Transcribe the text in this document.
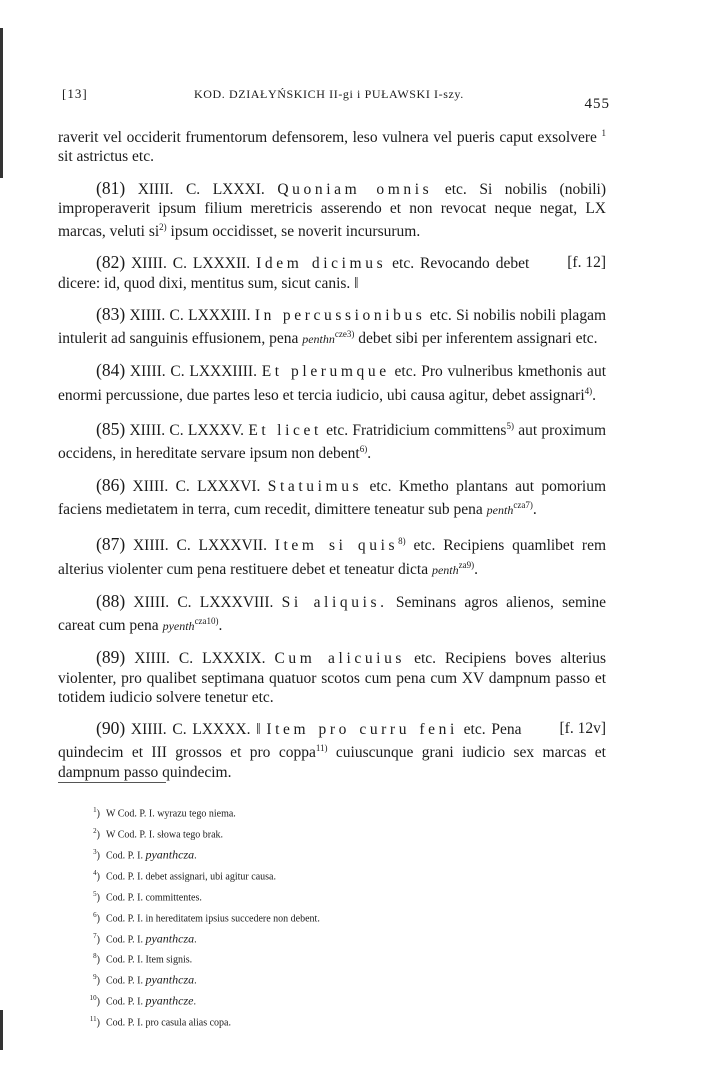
[13]	KOD. DZIAŁYŃSKICH II-gi i PUŁAWSKI I-szy.
455

raverit vel occiderit frumentorum defensorem, leso vulnera vel pueris caput exsolvere $^1$ sit astrictus etc.

(81) XIIII. C. LXXXI. Quoniam omnis etc. Si nobilis (nobili) improperaverit ipsum filium meretricis asserendo et non revocat neque negat, LX marcas, veluti $si^{2)}$ ipsum occidisset, se noverit incursurum.

[f. 12]
(82) XIIII. C. LXXXII. Idem dicimus etc. Revocando debet dicere: id, quod dixi, mentitus sum, sicut canis. ‖

(83) XIIII. C. LXXXIII. In percussionibus etc. Si nobilis nobili plagam intulerit ad sanguinis effusionem, pena penthn$^{cze3)}$ debet sibi per inferentem assignari etc.

(84) XIIII. C. LXXXIIII. Et plerumque etc. Pro vulneribus kmethonis aut enormi percussione, due partes leso et tercia iudicio, ubi causa agitur, debet assignari$^{4)}$.

(85) XIIII. C. LXXXV. Et licet etc. Fratridicium committens$^{5)}$ aut proximum occidens, in hereditate servare ipsum non debent$^{6)}$.

(86) XIIII. C. LXXXVI. Statuimus etc. Kmetho plantans aut pomorium faciens medietatem in terra, cum recedit, dimittere teneatur sub pena penth$^{cza7)}$.

(87) XIIII. C. LXXXVII. Item si quis$^{8)}$ etc. Recipiens quamlibet rem alterius violenter cum pena restituere debet et teneatur dicta penth$^{za9)}$.

(88) XIIII. C. LXXXVIII. Si aliquis. Seminans agros alienos, semine careat cum pena pyenth$^{cza10)}$.

(89) XIIII. C. LXXXIX. Cum alicuius etc. Recipiens boves alterius violenter, pro qualibet septimana quatuor scotos cum pena cum XV dampnum passo et totidem iudicio solvere tenetur etc.

[f. 12v]
(90) XIIII. C. LXXXX. ‖ Item pro curru feni etc. Pena quindecim et III grossos et pro coppa$^{11)}$ cuiuscunque grani iudicio sex marcas et dampnum passo quindecim.

$^1$) W Cod. P. I. wyrazu tego niema.
$^2$) W Cod. P. I. słowa tego brak.
$^3$) Cod. P. I. pyanthcza.
$^4$) Cod. P. I. debet assignari, ubi agitur causa.
$^5$) Cod. P. I. committentes.
$^6$) Cod. P. I. in hereditatem ipsius succedere non debent.
$^7$) Cod. P. I. pyanthcza.
$^8$) Cod. P. I. Item signis.
$^9$) Cod. P. I. pyanthcza.
$^{10}$) Cod. P. I. pyanthcze.
$^{11}$) Cod. P. I. pro casula alias copa.
